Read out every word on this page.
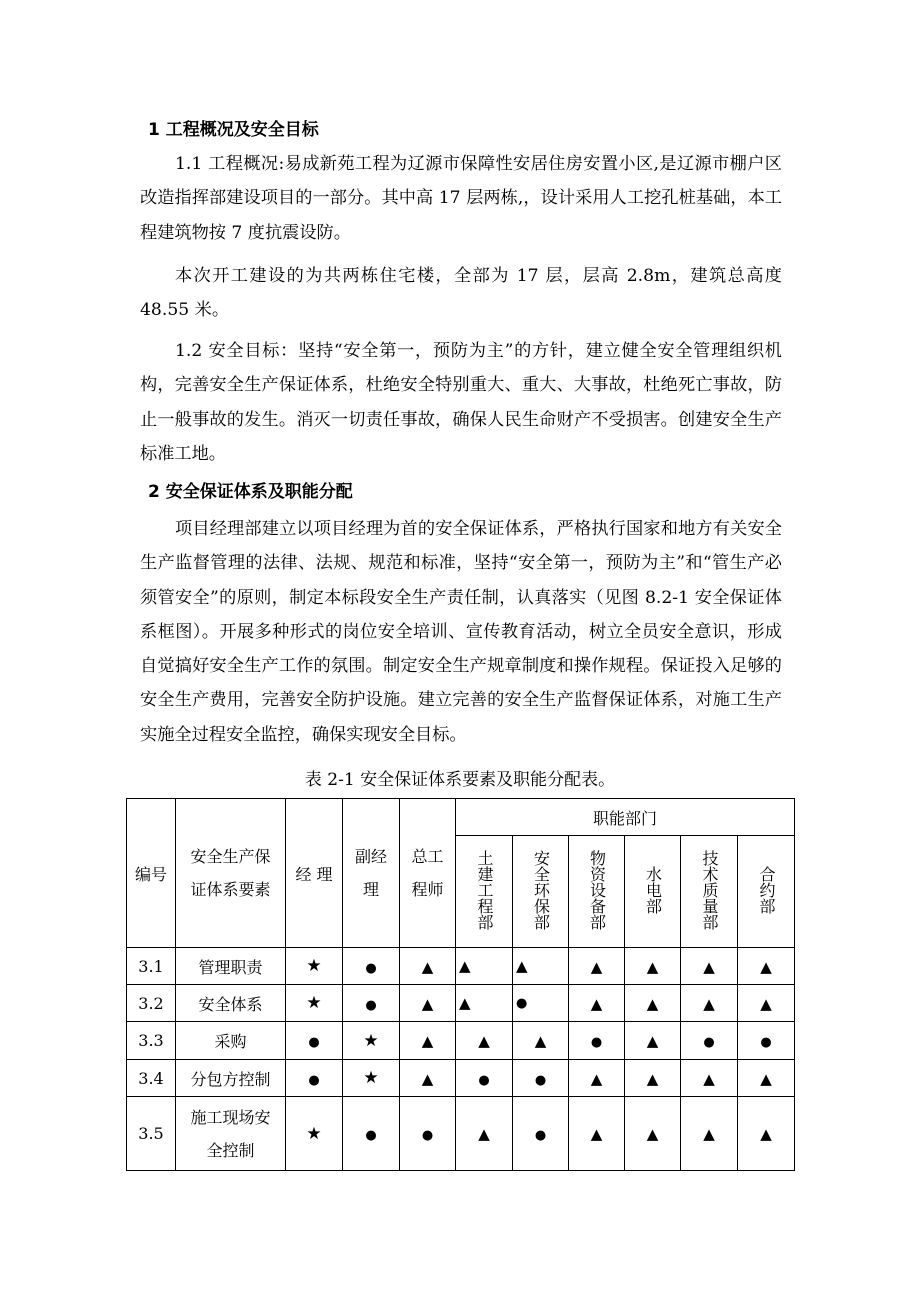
1 工程概况及安全目标

1.1 工程概况:易成新苑工程为辽源市保障性安居住房安置小区,是辽源市棚户区改造指挥部建设项目的一部分。其中高 17 层两栋,，设计采用人工挖孔桩基础，本工程建筑物按 7 度抗震设防。

本次开工建设的为共两栋住宅楼，全部为 17 层，层高 2.8m，建筑总高度 48.55 米。

1.2 安全目标：坚持“安全第一，预防为主”的方针，建立健全安全管理组织机构，完善安全生产保证体系，杜绝安全特别重大、重大、大事故，杜绝死亡事故，防止一般事故的发生。消灭一切责任事故，确保人民生命财产不受损害。创建安全生产标准工地。

2 安全保证体系及职能分配

项目经理部建立以项目经理为首的安全保证体系，严格执行国家和地方有关安全生产监督管理的法律、法规、规范和标准，坚持“安全第一，预防为主”和“管生产必须管安全”的原则，制定本标段安全生产责任制，认真落实（见图 8.2-1 安全保证体系框图）。开展多种形式的岗位安全培训、宣传教育活动，树立全员安全意识，形成自觉搞好安全生产工作的氛围。制定安全生产规章制度和操作规程。保证投入足够的安全生产费用，完善安全防护设施。建立完善的安全生产监督保证体系，对施工生产实施全过程安全监控，确保实现安全目标。

表 2-1 安全保证体系要素及职能分配表。
编号	安全生产保证体系要素	经 理	副经理	总工程师	职能部门					
					土建工程部	安全环保部	物资设备部	水电部	技术质量部	合约部
3.1	管理职责	★	●	▲	▲	▲	▲	▲	▲	▲
3.2	安全体系	★	●	▲	▲	●	▲	▲	▲	▲
3.3	采购	●	★	▲	▲	▲	●	▲	●	●
3.4	分包方控制	●	★	▲	●	●	▲	▲	▲	▲
3.5	施工现场安全控制	★	●	●	▲	●	▲	▲	▲	▲
